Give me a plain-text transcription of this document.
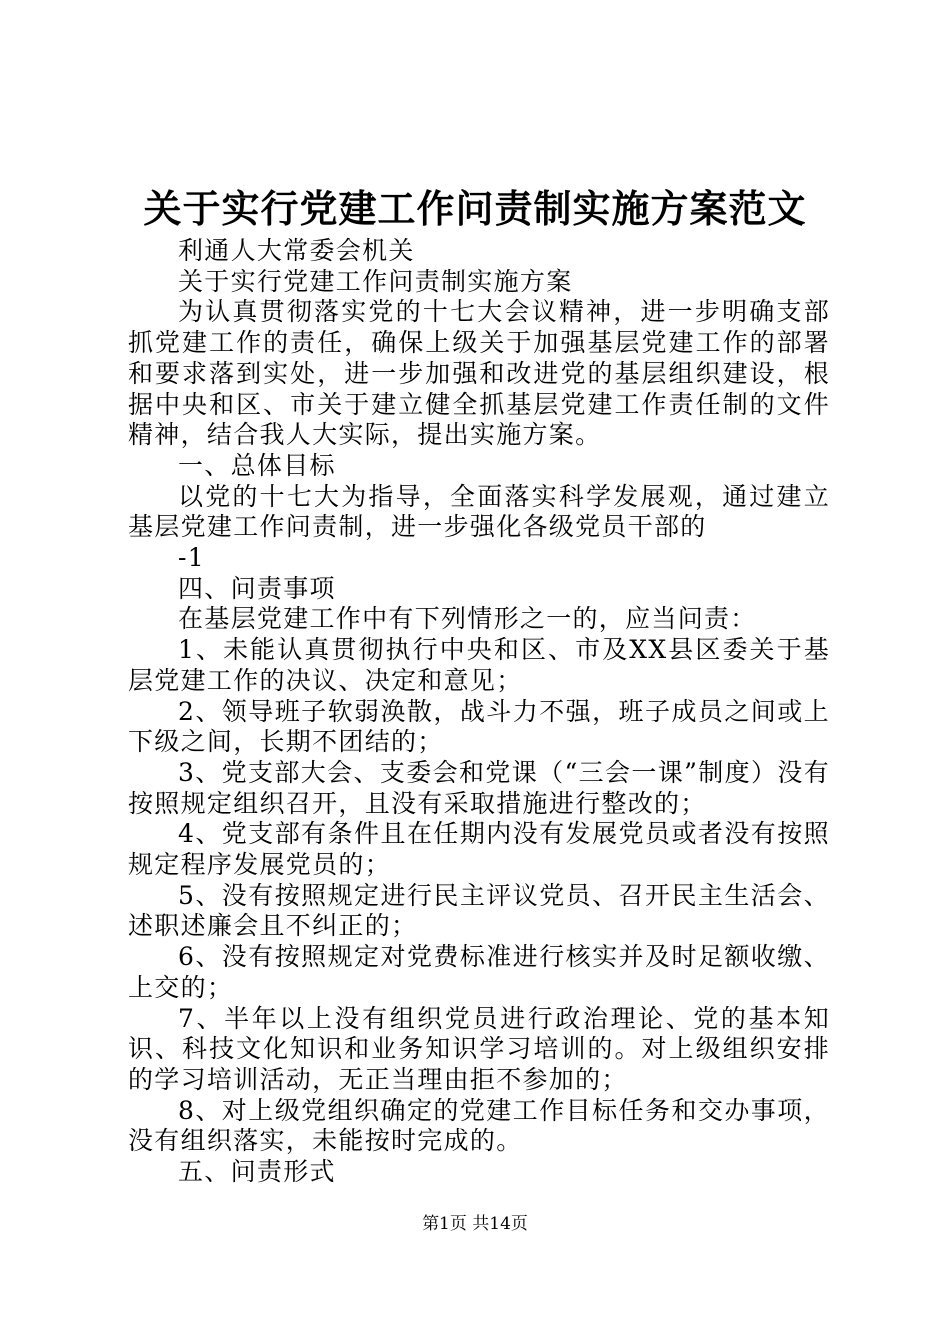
关于实行党建工作问责制实施方案范文

利通人大常委会机关

关于实行党建工作问责制实施方案

为认真贯彻落实党的十七大会议精神，进一步明确支部抓党建工作的责任，确保上级关于加强基层党建工作的部署和要求落到实处，进一步加强和改进党的基层组织建设，根据中央和区、市关于建立健全抓基层党建工作责任制的文件精神，结合我人大实际，提出实施方案。

一、总体目标

以党的十七大为指导，全面落实科学发展观，通过建立基层党建工作问责制，进一步强化各级党员干部的

-1

四、问责事项

在基层党建工作中有下列情形之一的，应当问责：

1、未能认真贯彻执行中央和区、市及XX县区委关于基层党建工作的决议、决定和意见；

2、领导班子软弱涣散，战斗力不强，班子成员之间或上下级之间，长期不团结的；

3、党支部大会、支委会和党课（“三会一课”制度）没有按照规定组织召开，且没有采取措施进行整改的；

4、党支部有条件且在任期内没有发展党员或者没有按照规定程序发展党员的；

5、没有按照规定进行民主评议党员、召开民主生活会、述职述廉会且不纠正的；

6、没有按照规定对党费标准进行核实并及时足额收缴、上交的；

7、半年以上没有组织党员进行政治理论、党的基本知识、科技文化知识和业务知识学习培训的。对上级组织安排的学习培训活动，无正当理由拒不参加的；

8、对上级党组织确定的党建工作目标任务和交办事项，没有组织落实，未能按时完成的。

五、问责形式

第1页 共14页
